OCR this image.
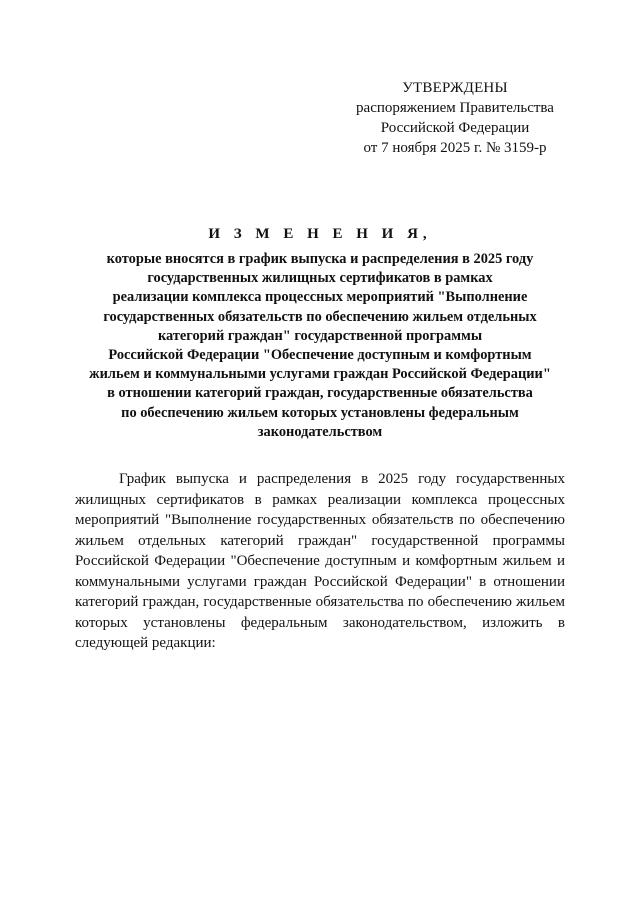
УТВЕРЖДЕНЫ
распоряжением Правительства
Российской Федерации
от 7 ноября 2025 г. № 3159-р
И З М Е Н Е Н И Я,
которые вносятся в график выпуска и распределения в 2025 году
государственных жилищных сертификатов в рамках
реализации комплекса процессных мероприятий "Выполнение
государственных обязательств по обеспечению жильем отдельных
категорий граждан" государственной программы
Российской Федерации "Обеспечение доступным и комфортным
жильем и коммунальными услугами граждан Российской Федерации"
в отношении категорий граждан, государственные обязательства
по обеспечению жильем которых установлены федеральным
законодательством
График выпуска и распределения в 2025 году государственных жилищных сертификатов в рамках реализации комплекса процессных мероприятий "Выполнение государственных обязательств по обеспечению жильем отдельных категорий граждан" государственной программы Российской Федерации "Обеспечение доступным и комфортным жильем и коммунальными услугами граждан Российской Федерации" в отношении категорий граждан, государственные обязательства по обеспечению жильем которых установлены федеральным законодательством, изложить в следующей редакции:
